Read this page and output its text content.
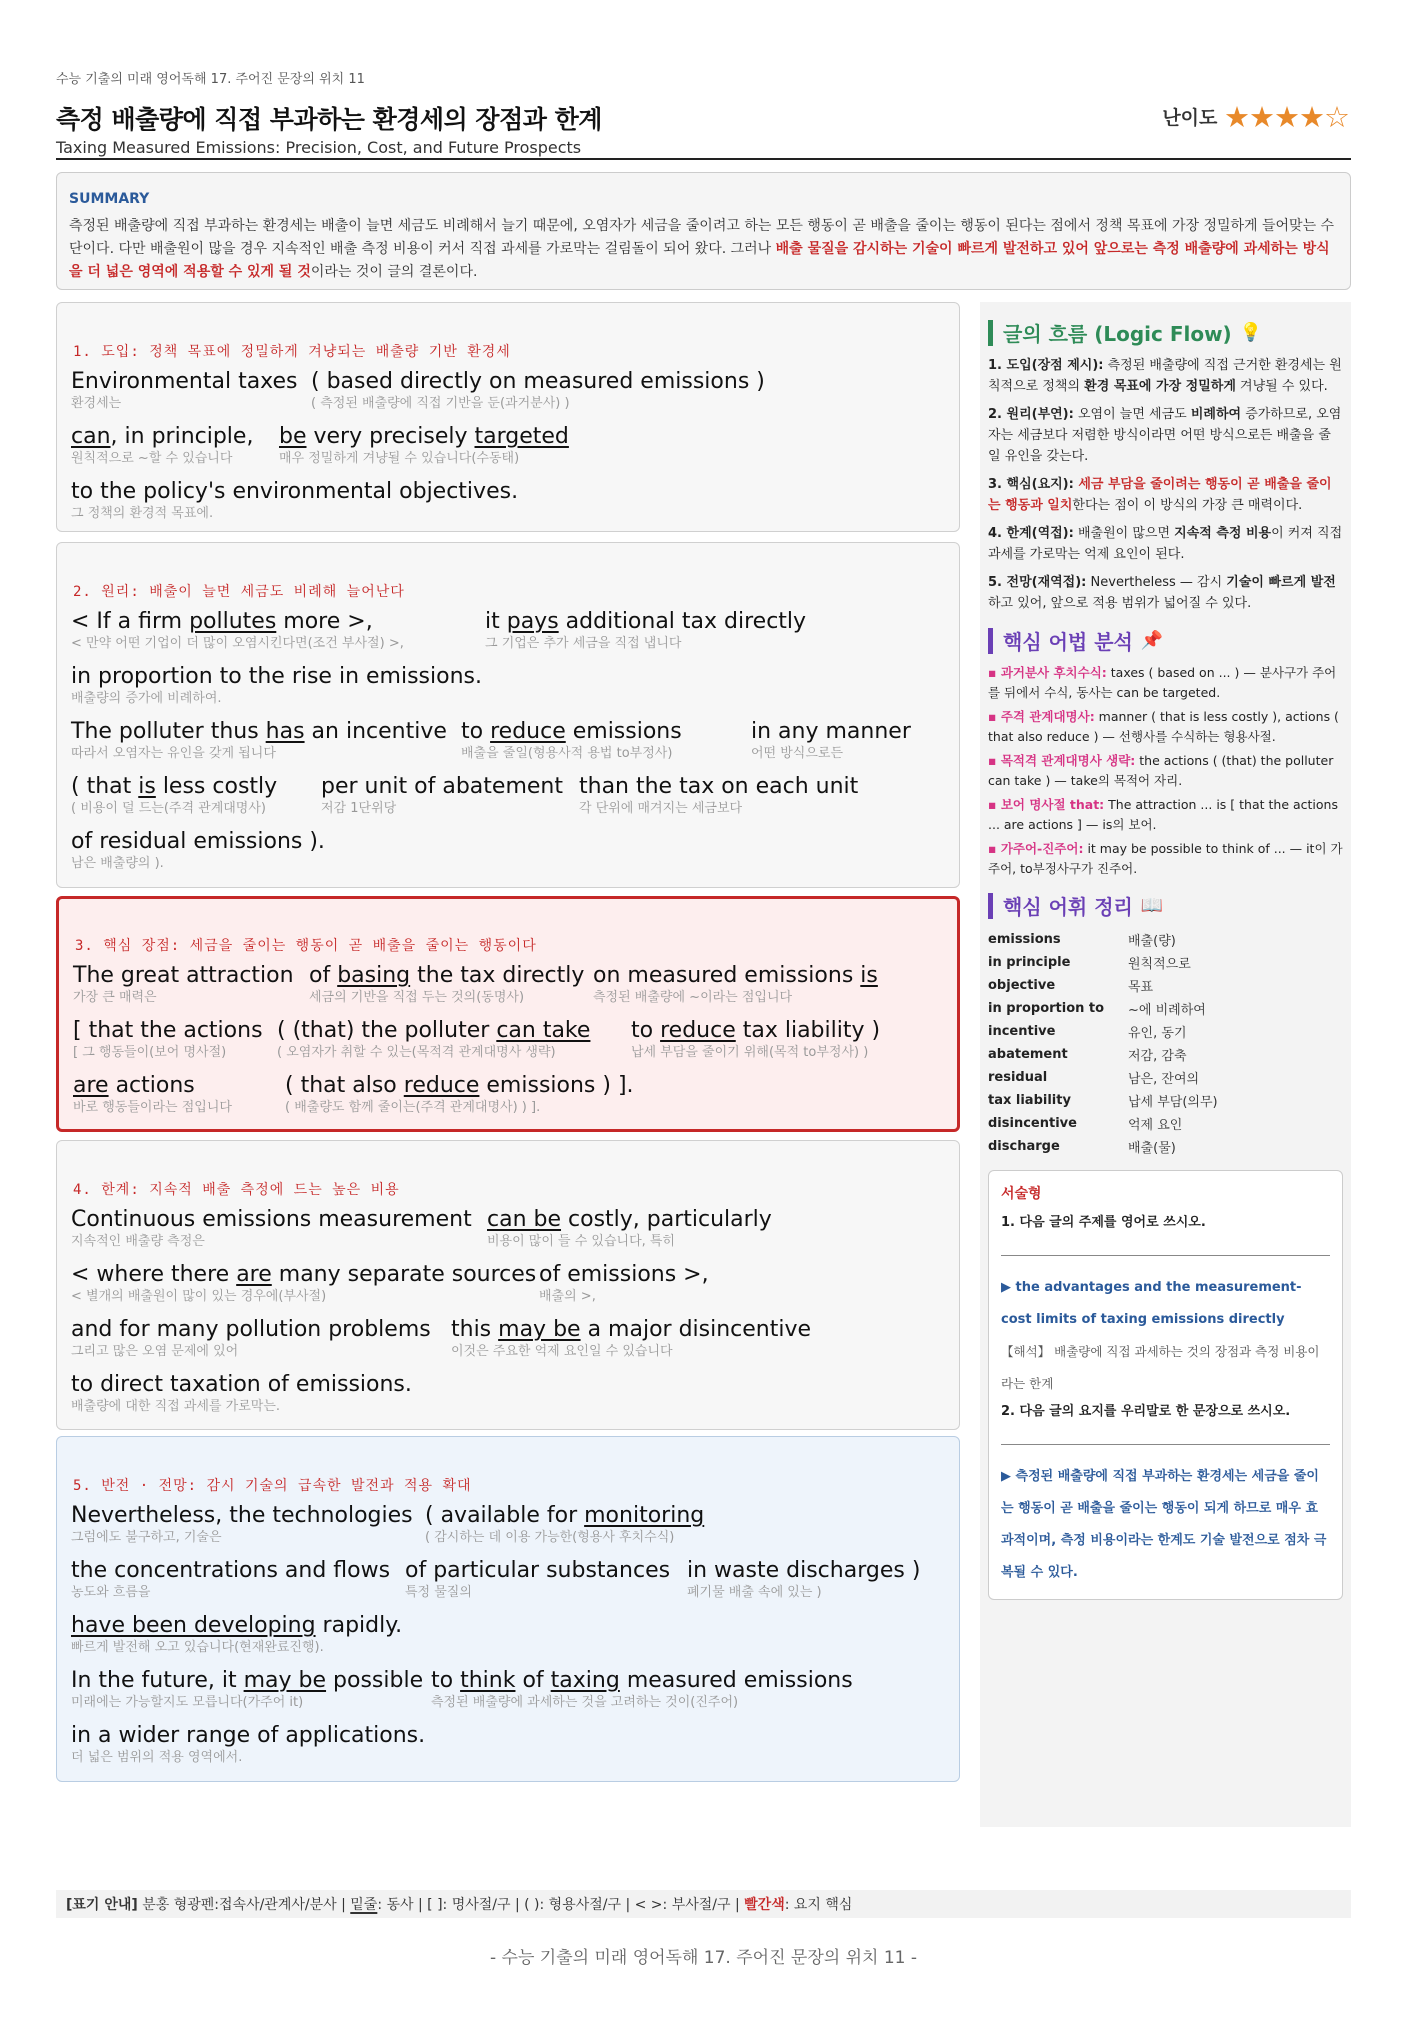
수능 기출의 미래 영어독해 17. 주어진 문장의 위치 11
측정 배출량에 직접 부과하는 환경세의 장점과 한계
Taxing Measured Emissions: Precision, Cost, and Future Prospects
난이도 ★★★★☆
SUMMARY
측정된 배출량에 직접 부과하는 환경세는 배출이 늘면 세금도 비례해서 늘기 때문에, 오염자가 세금을 줄이려고 하는 모든 행동이 곧 배출을 줄이는 행동이 된다는 점에서 정책 목표에 가장 정밀하게 들어맞는 수단이다. 다만 배출원이 많을 경우 지속적인 배출 측정 비용이 커서 직접 과세를 가로막는 걸림돌이 되어 왔다. 그러나 배출 물질을 감시하는 기술이 빠르게 발전하고 있어 앞으로는 측정 배출량에 과세하는 방식을 더 넓은 영역에 적용할 수 있게 될 것이라는 것이 글의 결론이다.
1. 도입: 정책 목표에 정밀하게 겨냥되는 배출량 기반 환경세
Environmental taxes
환경세는
( based directly on measured emissions )
( 측정된 배출량에 직접 기반을 둔(과거분사) )
can, in principle,
원칙적으로 ~할 수 있습니다
be very precisely targeted
매우 정밀하게 겨냥될 수 있습니다(수동태)
to the policy's environmental objectives.
그 정책의 환경적 목표에.
2. 원리: 배출이 늘면 세금도 비례해 늘어난다
< If a firm pollutes more >,
< 만약 어떤 기업이 더 많이 오염시킨다면(조건 부사절) >,
it pays additional tax directly
그 기업은 추가 세금을 직접 냅니다
in proportion to the rise in emissions.
배출량의 증가에 비례하여.
The polluter thus has an incentive
따라서 오염자는 유인을 갖게 됩니다
to reduce emissions
배출을 줄일(형용사적 용법 to부정사)
in any manner
어떤 방식으로든
( that is less costly
( 비용이 덜 드는(주격 관계대명사)
per unit of abatement
저감 1단위당
than the tax on each unit
각 단위에 매겨지는 세금보다
of residual emissions ).
남은 배출량의 ).
3. 핵심 장점: 세금을 줄이는 행동이 곧 배출을 줄이는 행동이다
The great attraction
가장 큰 매력은
of basing the tax directly
세금의 기반을 직접 두는 것의(동명사)
on measured emissions is
측정된 배출량에 ~이라는 점입니다
[ that the actions
[ 그 행동들이(보어 명사절)
( (that) the polluter can take
( 오염자가 취할 수 있는(목적격 관계대명사 생략)
to reduce tax liability )
납세 부담을 줄이기 위해(목적 to부정사) )
are actions
바로 행동들이라는 점입니다
( that also reduce emissions ) ].
( 배출량도 함께 줄이는(주격 관계대명사) ) ].
4. 한계: 지속적 배출 측정에 드는 높은 비용
Continuous emissions measurement
지속적인 배출량 측정은
can be costly, particularly
비용이 많이 들 수 있습니다, 특히
< where there are many separate sources
< 별개의 배출원이 많이 있는 경우에(부사절)
of emissions >,
배출의 >,
and for many pollution problems
그리고 많은 오염 문제에 있어
this may be a major disincentive
이것은 주요한 억제 요인일 수 있습니다
to direct taxation of emissions.
배출량에 대한 직접 과세를 가로막는.
5. 반전 · 전망: 감시 기술의 급속한 발전과 적용 확대
Nevertheless, the technologies
그럼에도 불구하고, 기술은
( available for monitoring
( 감시하는 데 이용 가능한(형용사 후치수식)
the concentrations and flows
농도와 흐름을
of particular substances
특정 물질의
in waste discharges )
폐기물 배출 속에 있는 )
have been developing rapidly.
빠르게 발전해 오고 있습니다(현재완료진행).
In the future, it may be possible
미래에는 가능할지도 모릅니다(가주어 it)
to think of taxing measured emissions
측정된 배출량에 과세하는 것을 고려하는 것이(진주어)
in a wider range of applications.
더 넓은 범위의 적용 영역에서.
글의 흐름 (Logic Flow) 💡
1. 도입(장점 제시): 측정된 배출량에 직접 근거한 환경세는 원칙적으로 정책의 환경 목표에 가장 정밀하게 겨냥될 수 있다.
2. 원리(부연): 오염이 늘면 세금도 비례하여 증가하므로, 오염자는 세금보다 저렴한 방식이라면 어떤 방식으로든 배출을 줄일 유인을 갖는다.
3. 핵심(요지): 세금 부담을 줄이려는 행동이 곧 배출을 줄이는 행동과 일치한다는 점이 이 방식의 가장 큰 매력이다.
4. 한계(역접): 배출원이 많으면 지속적 측정 비용이 커져 직접 과세를 가로막는 억제 요인이 된다.
5. 전망(재역접): Nevertheless — 감시 기술이 빠르게 발전하고 있어, 앞으로 적용 범위가 넓어질 수 있다.
핵심 어법 분석 📌
▪ 과거분사 후치수식: taxes ( based on ... ) — 분사구가 주어를 뒤에서 수식, 동사는 can be targeted.
▪ 주격 관계대명사: manner ( that is less costly ), actions ( that also reduce ) — 선행사를 수식하는 형용사절.
▪ 목적격 관계대명사 생략: the actions ( (that) the polluter can take ) — take의 목적어 자리.
▪ 보어 명사절 that: The attraction ... is [ that the actions ... are actions ] — is의 보어.
▪ 가주어-진주어: it may be possible to think of ... — it이 가주어, to부정사구가 진주어.
핵심 어휘 정리 📖
emissions	배출(량)
in principle	원칙적으로
objective	목표
in proportion to	~에 비례하여
incentive	유인, 동기
abatement	저감, 감축
residual	남은, 잔여의
tax liability	납세 부담(의무)
disincentive	억제 요인
discharge	배출(물)
서술형
1. 다음 글의 주제를 영어로 쓰시오.
▶ the advantages and the measurement-cost limits of taxing emissions directly
【해석】 배출량에 직접 과세하는 것의 장점과 측정 비용이라는 한계
2. 다음 글의 요지를 우리말로 한 문장으로 쓰시오.
▶ 측정된 배출량에 직접 부과하는 환경세는 세금을 줄이는 행동이 곧 배출을 줄이는 행동이 되게 하므로 매우 효과적이며, 측정 비용이라는 한계도 기술 발전으로 점차 극복될 수 있다.
[표기 안내] 분홍 형광펜:접속사/관계사/분사 | 밑줄: 동사 | [ ]: 명사절/구 | ( ): 형용사절/구 | < >: 부사절/구 | 빨간색: 요지 핵심
- 수능 기출의 미래 영어독해 17. 주어진 문장의 위치 11 -
